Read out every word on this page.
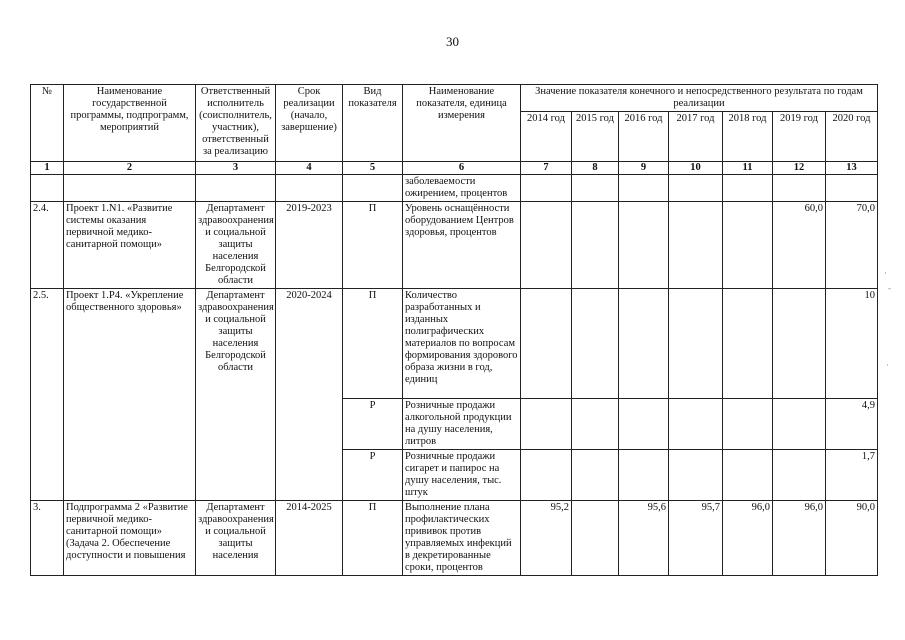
30
№	Наименование государственной программы, подпрограмм, мероприятий	Ответственный исполнитель (соисполнитель, участник), ответственный за реализацию	Срок реализации (начало, завершение)	Вид показателя	Наименование показателя, единица измерения	Значение показателя конечного и непосредственного результата по годам реализации						
						2014 год	2015 год	2016 год	2017 год	2018 год	2019 год	2020 год
1	2	3	4	5	6	7	8	9	10	11	12	13
					заболеваемости ожирением, процентов							
2.4.	Проект 1.N1. «Развитие системы оказания первичной медико-санитарной помощи»	Департамент здравоохранения и социальной защиты населения Белгородской области	2019-2023	П	Уровень оснащённости оборудованием Центров здоровья, процентов						60,0	70,0
2.5.	Проект 1.P4. «Укрепление общественного здоровья»	Департамент здравоохранения и социальной защиты населения Белгородской области	2020-2024	П	Количество разработанных и изданных полиграфических материалов по вопросам формирования здорового образа жизни в год, единиц							10
				Р	Розничные продажи алкогольной продукции на душу населения, литров							4,9
				Р	Розничные продажи сигарет и папирос на душу населения, тыс. штук							1,7
3.	Подпрограмма 2 «Развитие первичной медико-санитарной помощи» (Задача 2. Обеспечение доступности и повышения	Департамент здравоохранения и социальной защиты населения	2014-2025	П	Выполнение плана профилактических прививок против управляемых инфекций в декретированные сроки, процентов	95,2		95,6	95,7	96,0	96,0	90,0
·
-
·
